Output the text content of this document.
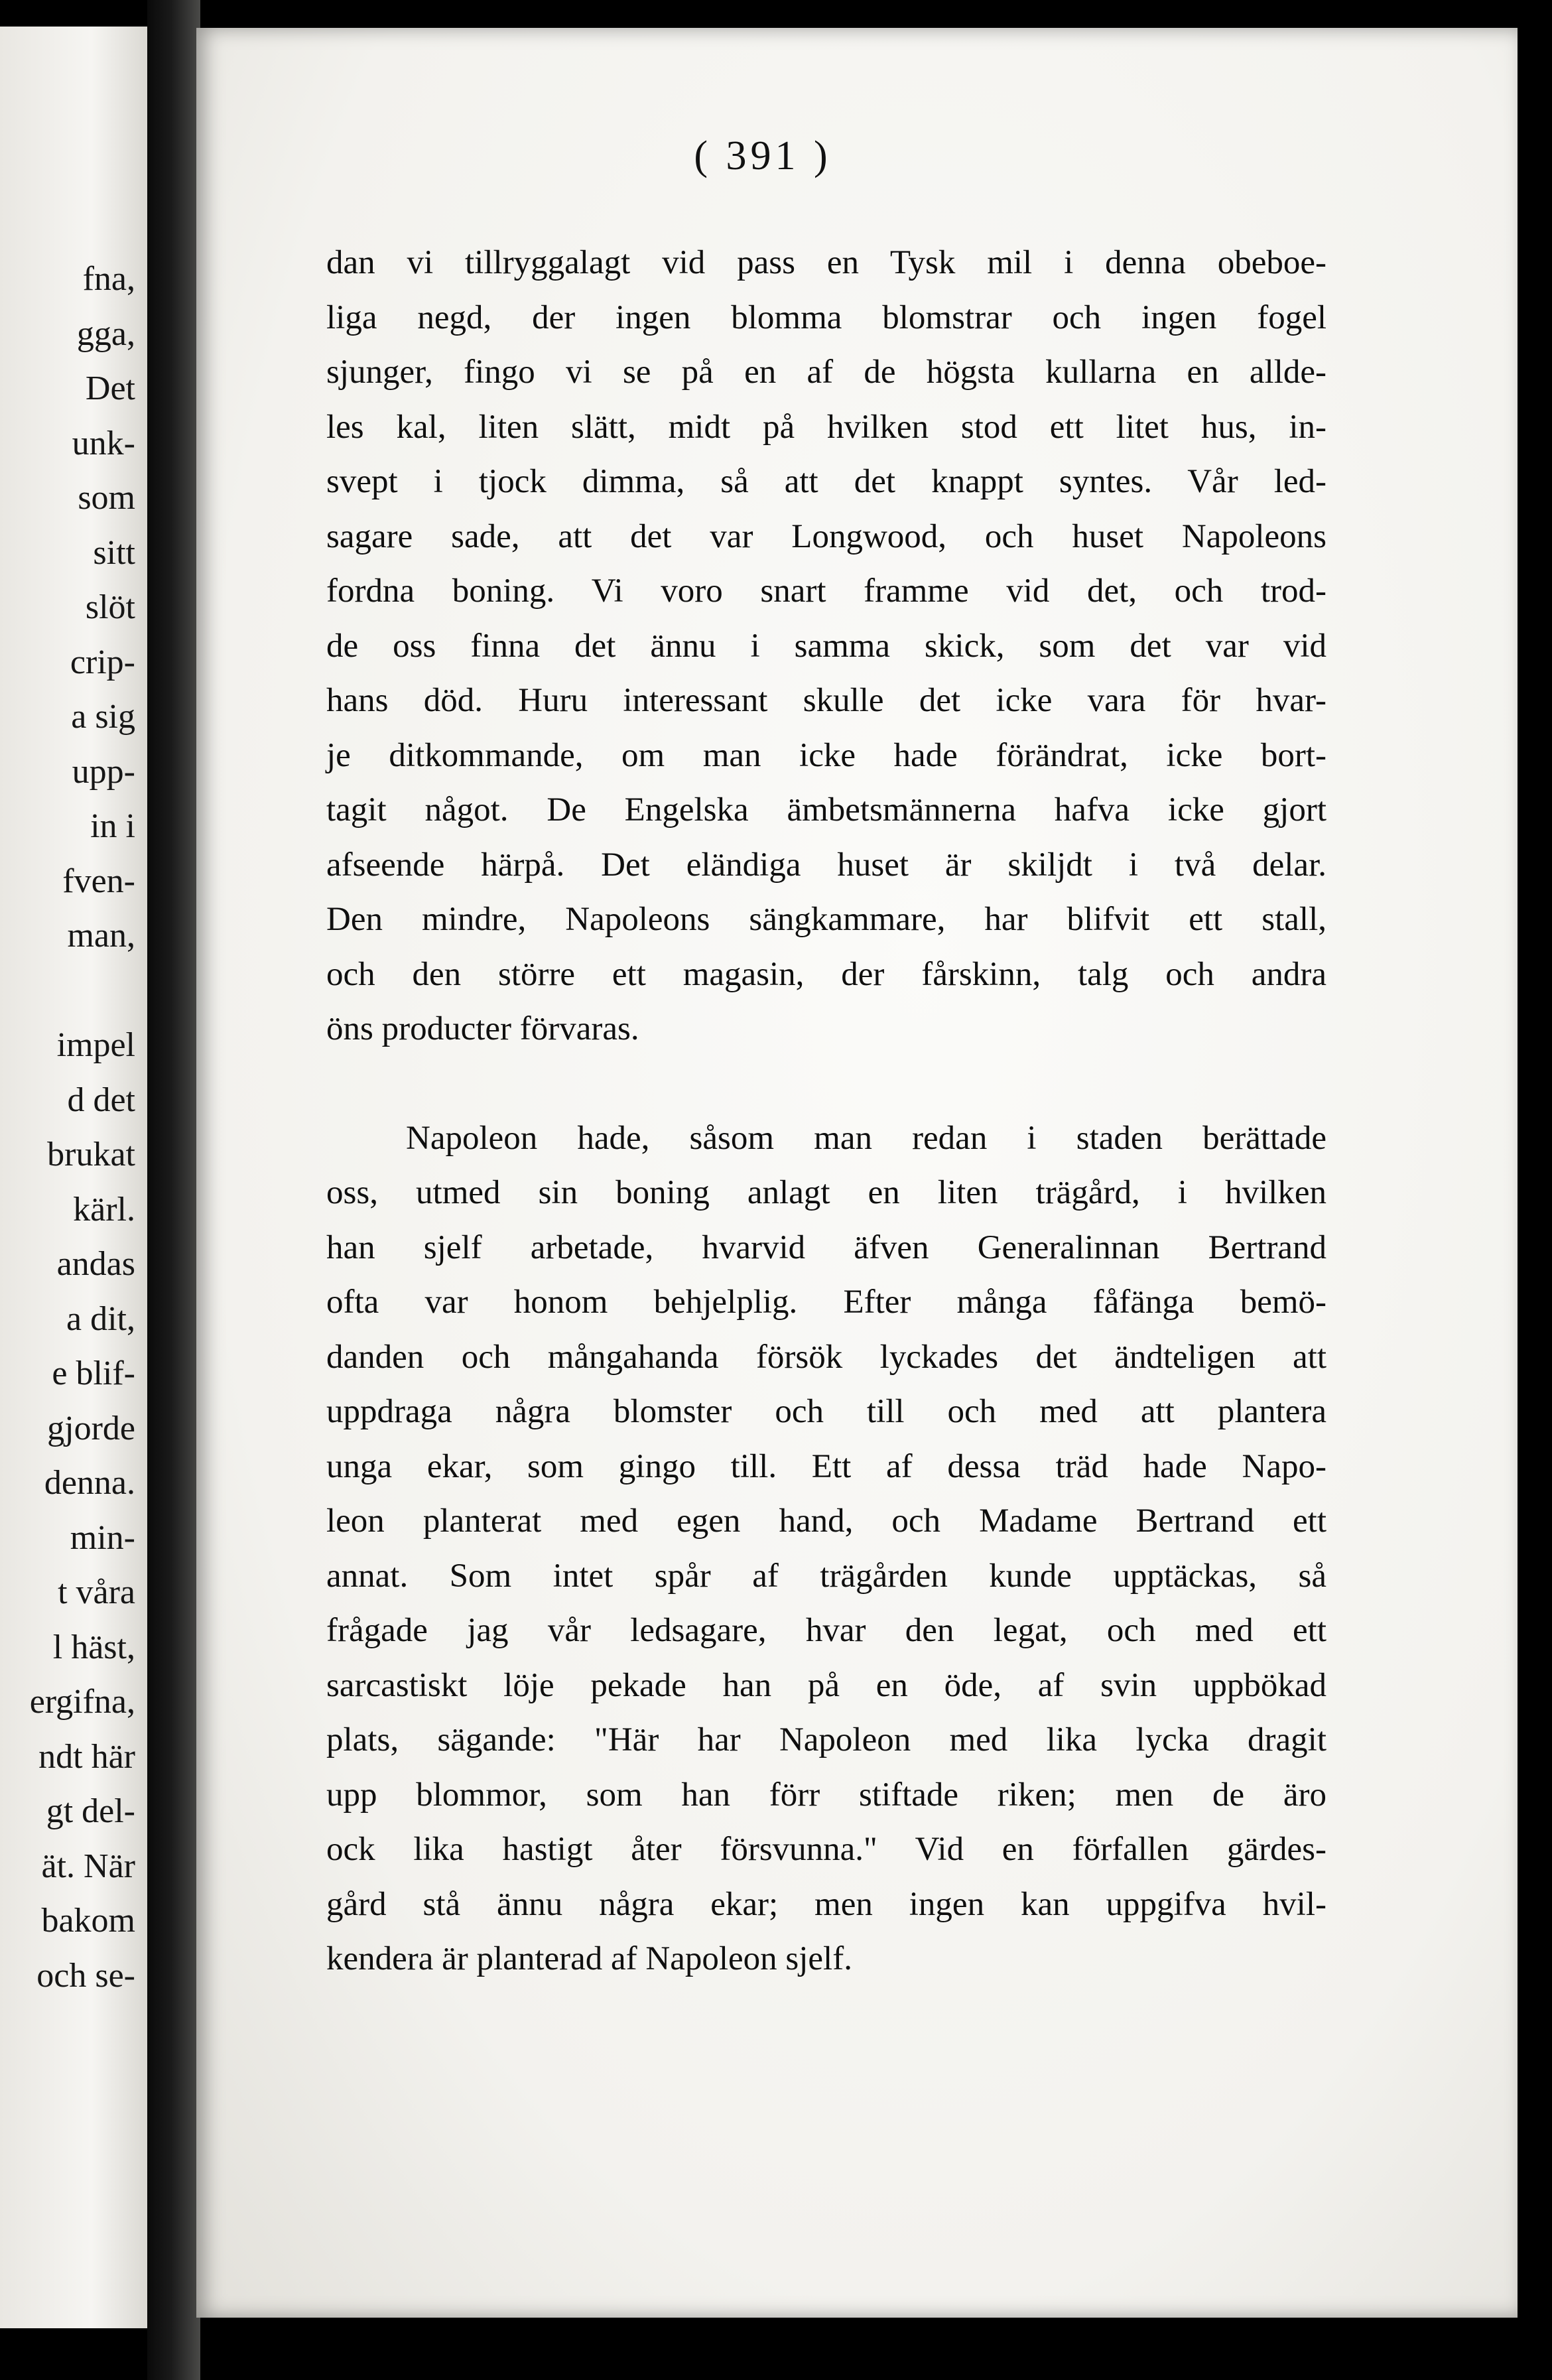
fna,
gga,
Det
unk-
som
sitt
slöt
crip-
a sig
upp-
in i
fven-
man,
impel
d det
brukat
kärl.
andas
a dit,
e blif-
gjorde
denna.
min-
t våra
l häst,
ergifna,
ndt här
gt del-
ät. När
bakom
och se-
( 391 )
dan vi tillryggalagt vid pass en Tysk mil i denna obeboe-
liga negd, der ingen blomma blomstrar och ingen fogel
sjunger, fingo vi se på en af de högsta kullarna en allde-
les kal, liten slätt, midt på hvilken stod ett litet hus, in-
svept i tjock dimma, så att det knappt syntes. Vår led-
sagare sade, att det var Longwood, och huset Napoleons
fordna boning. Vi voro snart framme vid det, och trod-
de oss finna det ännu i samma skick, som det var vid
hans död. Huru interessant skulle det icke vara för hvar-
je ditkommande, om man icke hade förändrat, icke bort-
tagit något. De Engelska ämbetsmännerna hafva icke gjort
afseende härpå. Det eländiga huset är skiljdt i två delar.
Den mindre, Napoleons sängkammare, har blifvit ett stall,
och den större ett magasin, der fårskinn, talg och andra
öns producter förvaras.
Napoleon hade, såsom man redan i staden berättade
oss, utmed sin boning anlagt en liten trägård, i hvilken
han sjelf arbetade, hvarvid äfven Generalinnan Bertrand
ofta var honom behjelplig. Efter många fåfänga bemö-
danden och mångahanda försök lyckades det ändteligen att
uppdraga några blomster och till och med att plantera
unga ekar, som gingo till. Ett af dessa träd hade Napo-
leon planterat med egen hand, och Madame Bertrand ett
annat. Som intet spår af trägården kunde upptäckas, så
frågade jag vår ledsagare, hvar den legat, och med ett
sarcastiskt löje pekade han på en öde, af svin uppbökad
plats, sägande: "Här har Napoleon med lika lycka dragit
upp blommor, som han förr stiftade riken; men de äro
ock lika hastigt åter försvunna." Vid en förfallen gärdes-
gård stå ännu några ekar; men ingen kan uppgifva hvil-
kendera är planterad af Napoleon sjelf.
